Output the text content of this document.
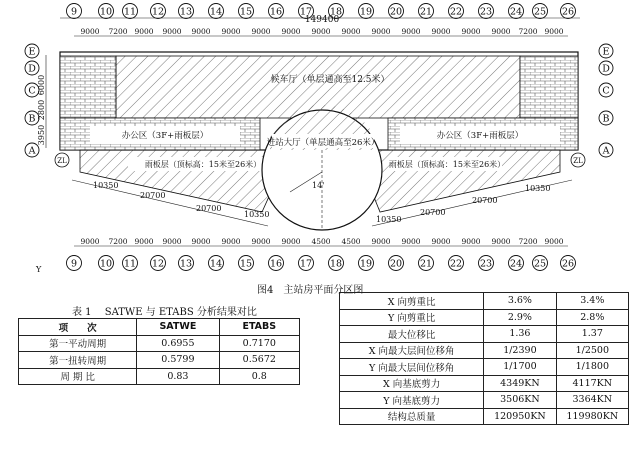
9 10 11 12 13 14 15 16 17 18 19 20 21 22 23 24 25 26
9 10 11 12 13 14 15 16 17 18 19 20 21 22 23 24 25 26
E
D
C
B
A
E
D
C
B
A
9000 7200 9000 9000 9000 9000 9000 9000 9000 9000 9000 9000 9000 9000 9000 7200 9000
9000 7200 9000 9000 9000 9000 9000 9000 4500 4500 9000 9000 9000 9000 9000 7200 9000
149400
6000
2800
3950
候车厅（单层通高至12.5米）
办公区（3F+雨板层）	办公区（3F+雨板层）
进站大厅（单层通高至26米）
雨板层（顶标高：15米至26米）	雨板层（顶标高：15米至26米）
14'
Y
ZL	ZL
10350
20700
20700
10350
10350
20700
20700
10350
图4　主站房平面分区图
表 1　 SATWE 与 ETABS 分析结果对比
项　　次	SATWE	ETABS
第一平动周期	0.6955	0.7170
第一扭转周期	0.5799	0.5672
周 期 比	0.83	0.8
X 向剪重比	3.6%	3.4%
Y 向剪重比	2.9%	2.8%
最大位移比	1.36	1.37
X 向最大层间位移角	1/2390	1/2500
Y 向最大层间位移角	1/1700	1/1800
X 向基底剪力	4349KN	4117KN
Y 向基底剪力	3506KN	3364KN
结构总质量	120950KN	119980KN
